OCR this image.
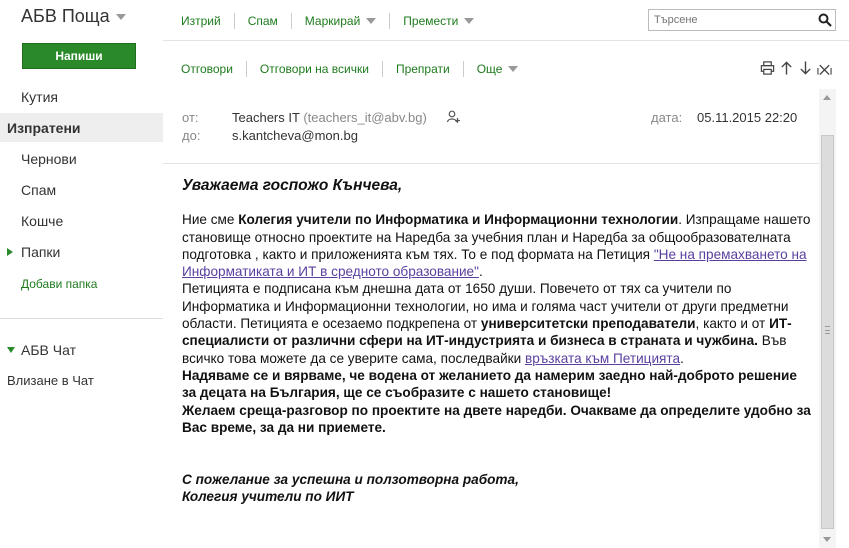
АБВ Поща
Напиши
Кутия
Изпратени
Чернови
Спам
Кошче
Папки
Добави папка
АБВ Чат
Влизане в Чат
Изтрий Спам Маркирай	Премести
Търсене
Отговори Отговори на всички Препрати Още
от:	Teachers IT (teachers_it@abv.bg)	дата: 05.11.2015 22:20
до: s.kantcheva@mon.bg
Уважаема госпожо Кънчева,
Ние сме Колегия учители по Информатика и Информационни технологии. Изпращаме нашето становище относно проектите на Наредба за учебния план и Наредба за общообразователната подготовка , както и приложенията към тях. То е под формата на Петиция "Не на премахването на Информатиката и ИТ в средното образование".
Петицията е подписана към днешна дата от 1650 души. Повечето от тях са учители по Информатика и Информационни технологии, но има и голяма част учители от други предметни области. Петицията е осезаемо подкрепена от университетски преподаватели, както и от ИТ- специалисти от различни сфери на ИТ-индустрията и бизнеса в страната и чужбина. Във всичко това можете да се уверите сама, последвайки връзката към Петицията.
Надяваме се и вярваме, че водена от желанието да намерим заедно най-доброто решение за децата на България, ще се съобразите с нашето становище!
Желаем среща-разговор по проектите на двете наредби. Очакваме да определите удобно за Вас време, за да ни приемете.
С пожелание за успешна и ползотворна работа,
Колегия учители по ИИТ
